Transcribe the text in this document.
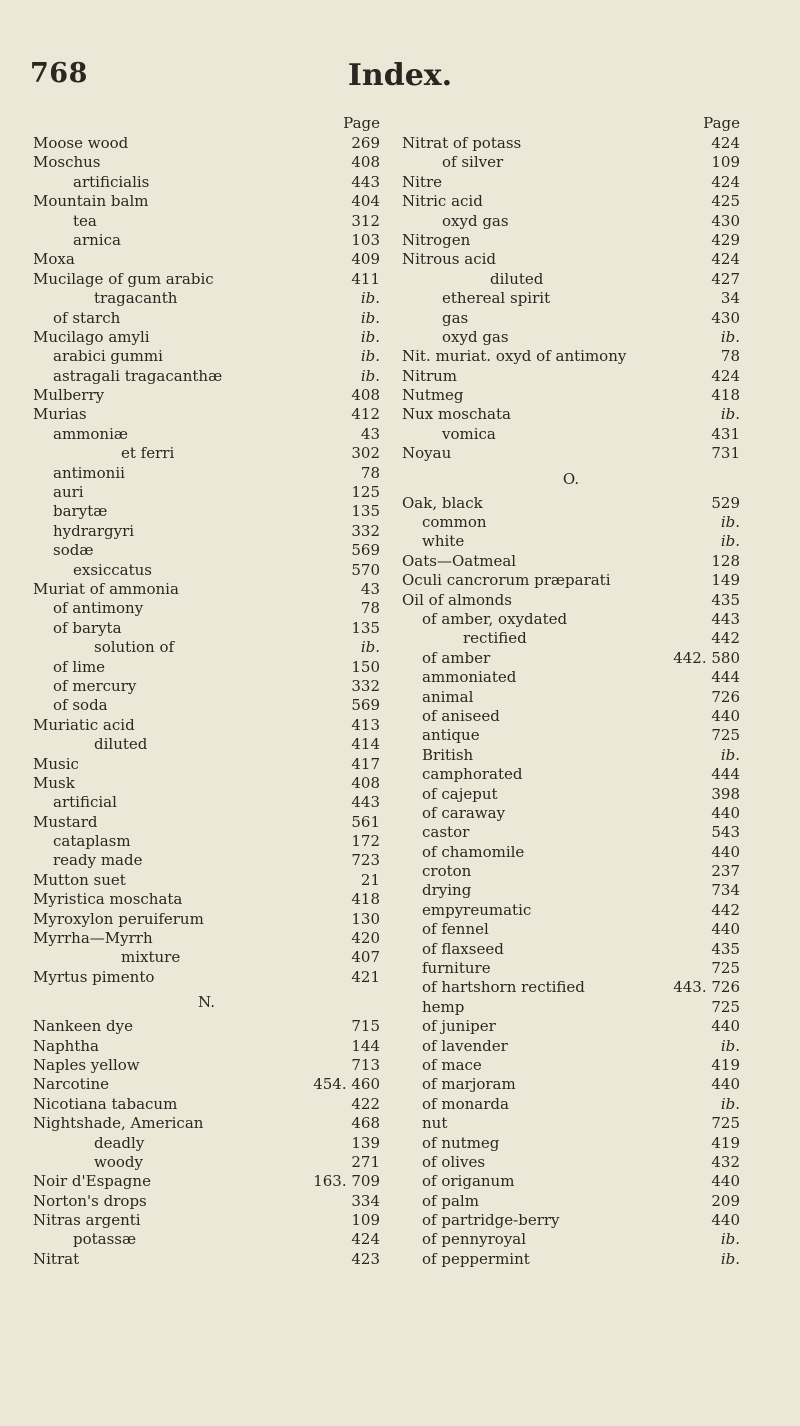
768	Index.
Page
Moose wood	269
Moschus	408
artificialis	443
Mountain balm	404
tea	312
arnica	103
Moxa	409
Mucilage of gum arabic	411
tragacanth	ib.
of starch	ib.
Mucilago amyli	ib.
arabici gummi	ib.
astragali tragacanthæ	ib.
Mulberry	408
Murias	412
ammoniæ	43
et ferri	302
antimonii	78
auri	125
barytæ	135
hydrargyri	332
sodæ	569
exsiccatus	570
Muriat of ammonia	43
of antimony	78
of baryta	135
solution of	ib.
of lime	150
of mercury	332
of soda	569
Muriatic acid	413
diluted	414
Music	417
Musk	408
artificial	443
Mustard	561
cataplasm	172
ready made	723
Mutton suet	21
Myristica moschata	418
Myroxylon peruiferum	130
Myrrha—Myrrh	420
mixture	407
Myrtus pimento	421
N.
Nankeen dye	715
Naphtha	144
Naples yellow	713
Narcotine	454. 460
Nicotiana tabacum	422
Nightshade, American	468
deadly	139
woody	271
Noir d'Espagne	163. 709
Norton's drops	334
Nitras argenti	109
potassæ	424
Nitrat	423
Page
Nitrat of potass	424
of silver	109
Nitre	424
Nitric acid	425
oxyd gas	430
Nitrogen	429
Nitrous acid	424
diluted	427
ethereal spirit	34
gas	430
oxyd gas	ib.
Nit. muriat. oxyd of antimony	78
Nitrum	424
Nutmeg	418
Nux moschata	ib.
vomica	431
Noyau	731
O.
Oak, black	529
common	ib.
white	ib.
Oats—Oatmeal	128
Oculi cancrorum præparati	149
Oil of almonds	435
of amber, oxydated	443
rectified	442
of amber	442. 580
ammoniated	444
animal	726
of aniseed	440
antique	725
British	ib.
camphorated	444
of cajeput	398
of caraway	440
castor	543
of chamomile	440
croton	237
drying	734
empyreumatic	442
of fennel	440
of flaxseed	435
furniture	725
of hartshorn rectified	443. 726
hemp	725
of juniper	440
of lavender	ib.
of mace	419
of marjoram	440
of monarda	ib.
nut	725
of nutmeg	419
of olives	432
of origanum	440
of palm	209
of partridge-berry	440
of pennyroyal	ib.
of peppermint	ib.
